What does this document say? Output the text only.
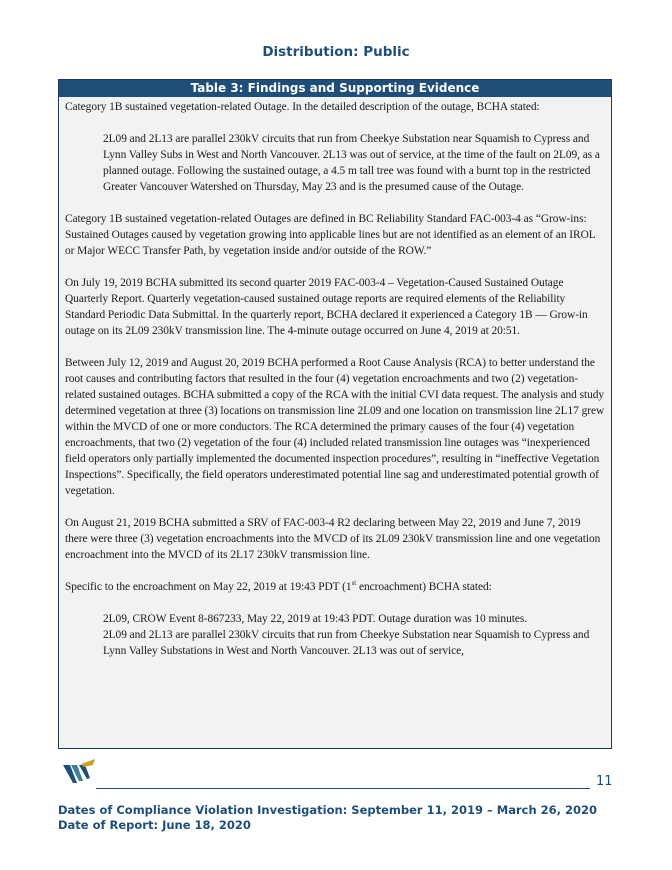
Distribution: Public
Table 3: Findings and Supporting Evidence

Category 1B sustained vegetation-related Outage. In the detailed description of the outage, BCHA stated:

2L09 and 2L13 are parallel 230kV circuits that run from Cheekye Substation near Squamish to Cypress and Lynn Valley Subs in West and North Vancouver. 2L13 was out of service, at the time of the fault on 2L09, as a planned outage. Following the sustained outage, a 4.5 m tall tree was found with a burnt top in the restricted Greater Vancouver Watershed on Thursday, May 23 and is the presumed cause of the Outage.

Category 1B sustained vegetation-related Outages are defined in BC Reliability Standard FAC-003-4 as “Grow-ins: Sustained Outages caused by vegetation growing into applicable lines but are not identified as an element of an IROL or Major WECC Transfer Path, by vegetation inside and/or outside of the ROW.”

On July 19, 2019 BCHA submitted its second quarter 2019 FAC-003-4 – Vegetation-Caused Sustained Outage Quarterly Report. Quarterly vegetation-caused sustained outage reports are required elements of the Reliability Standard Periodic Data Submittal. In the quarterly report, BCHA declared it experienced a Category 1B — Grow-in outage on its 2L09 230kV transmission line. The 4-minute outage occurred on June 4, 2019 at 20:51.

Between July 12, 2019 and August 20, 2019 BCHA performed a Root Cause Analysis (RCA) to better understand the root causes and contributing factors that resulted in the four (4) vegetation encroachments and two (2) vegetation-related sustained outages. BCHA submitted a copy of the RCA with the initial CVI data request. The analysis and study determined vegetation at three (3) locations on transmission line 2L09 and one location on transmission line 2L17 grew within the MVCD of one or more conductors. The RCA determined the primary causes of the four (4) vegetation encroachments, that two (2) vegetation of the four (4) included related transmission line outages was “inexperienced field operators only partially implemented the documented inspection procedures”, resulting in “ineffective Vegetation Inspections”. Specifically, the field operators underestimated potential line sag and underestimated potential growth of vegetation.

On August 21, 2019 BCHA submitted a SRV of FAC-003-4 R2 declaring between May 22, 2019 and June 7, 2019 there were three (3) vegetation encroachments into the MVCD of its 2L09 230kV transmission line and one vegetation encroachment into the MVCD of its 2L17 230kV transmission line.

Specific to the encroachment on May 22, 2019 at 19:43 PDT (1st encroachment) BCHA stated:

2L09, CROW Event 8-867233, May 22, 2019 at 19:43 PDT. Outage duration was 10 minutes.
2L09 and 2L13 are parallel 230kV circuits that run from Cheekye Substation near Squamish to Cypress and Lynn Valley Substations in West and North Vancouver. 2L13 was out of service,

11
Dates of Compliance Violation Investigation: September 11, 2019 – March 26, 2020
Date of Report: June 18, 2020
